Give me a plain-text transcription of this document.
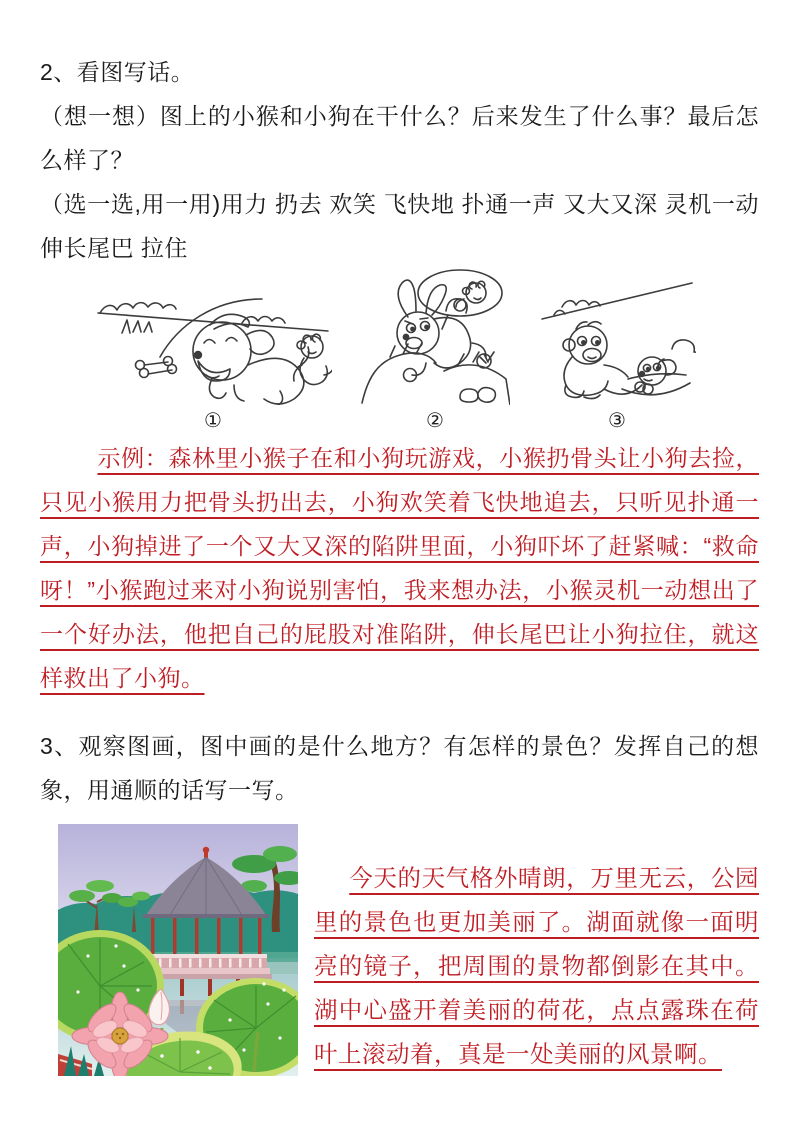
2、看图写话。

（想一想）图上的小猴和小狗在干什么？后来发生了什么事？最后怎么样了？

（选一选,用一用)用力 扔去 欢笑 飞快地 扑通一声 又大又深 灵机一动 伸长尾巴 拉住

①	②	③

示例：森林里小猴子在和小狗玩游戏，小猴扔骨头让小狗去捡，只见小猴用力把骨头扔出去，小狗欢笑着飞快地追去，只听见扑通一声，小狗掉进了一个又大又深的陷阱里面，小狗吓坏了赶紧喊：“救命呀！”小猴跑过来对小狗说别害怕，我来想办法，小猴灵机一动想出了一个好办法，他把自己的屁股对准陷阱，伸长尾巴让小狗拉住，就这样救出了小狗。

3、观察图画，图中画的是什么地方？有怎样的景色？发挥自己的想象，用通顺的话写一写。

今天的天气格外晴朗，万里无云，公园里的景色也更加美丽了。湖面就像一面明亮的镜子，把周围的景物都倒影在其中。湖中心盛开着美丽的荷花，点点露珠在荷叶上滚动着，真是一处美丽的风景啊。
